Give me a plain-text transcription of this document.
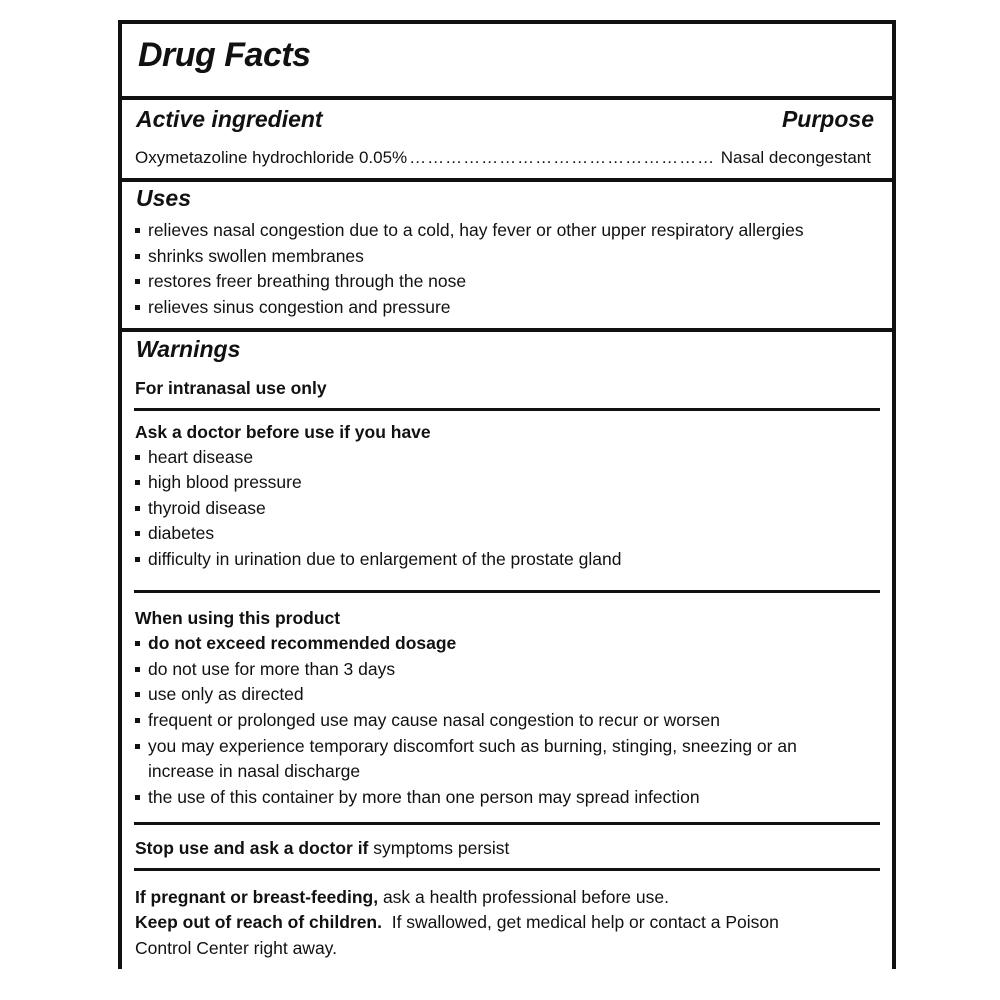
Drug Facts
Active ingredient	Purpose
Oxymetazoline hydrochloride 0.05% …………………………………………… Nasal decongestant
Uses
relieves nasal congestion due to a cold, hay fever or other upper respiratory allergies
shrinks swollen membranes
restores freer breathing through the nose
relieves sinus congestion and pressure
Warnings
For intranasal use only
Ask a doctor before use if you have
heart disease
high blood pressure
thyroid disease
diabetes
difficulty in urination due to enlargement of the prostate gland
When using this product
do not exceed recommended dosage
do not use for more than 3 days
use only as directed
frequent or prolonged use may cause nasal congestion to recur or worsen
you may experience temporary discomfort such as burning, stinging, sneezing or an
increase in nasal discharge
the use of this container by more than one person may spread infection
Stop use and ask a doctor if symptoms persist
If pregnant or breast-feeding, ask a health professional before use.
Keep out of reach of children.  If swallowed, get medical help or contact a Poison
Control Center right away.
